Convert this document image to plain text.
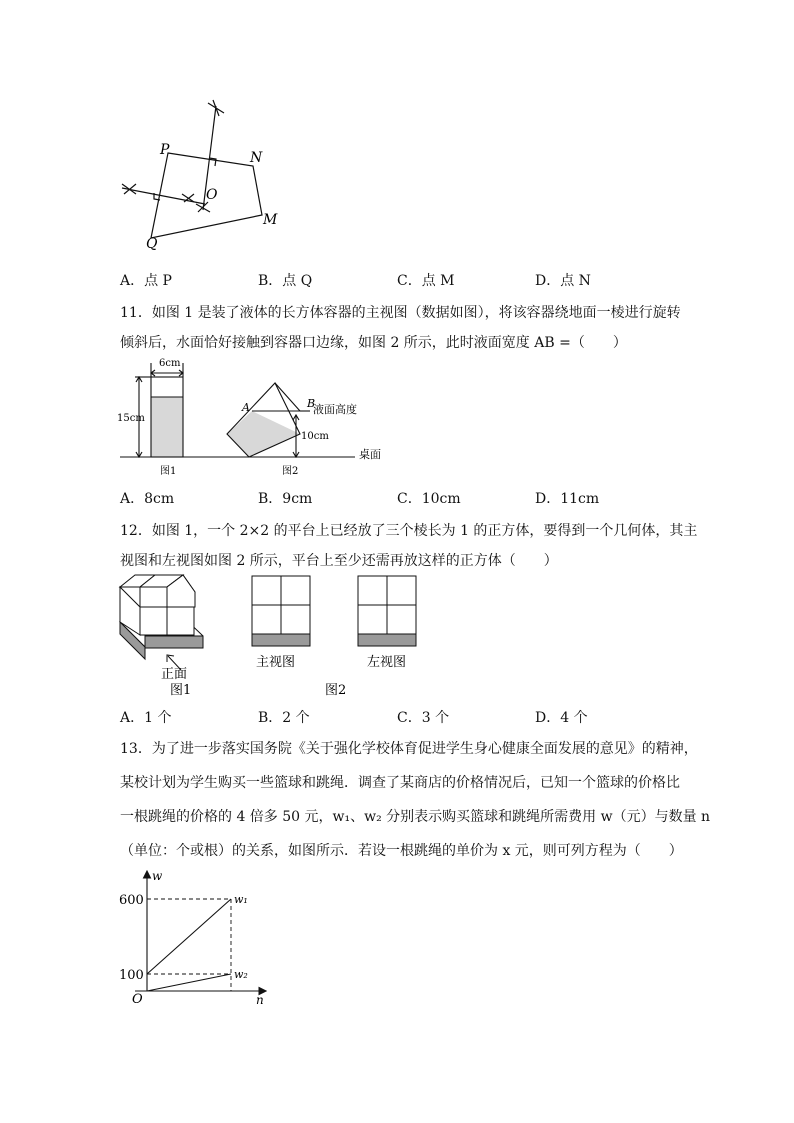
P	N
O
M
Q
A．点 P	B．点 Q	C．点 M	D．点 N
11．如图 1 是装了液体的长方体容器的主视图（数据如图），将该容器绕地面一棱进行旋转
倾斜后，水面恰好接触到容器口边缘，如图 2 所示，此时液面宽度 AB =（　　）
6cm
15cm
图1
A	B
液面高度
10cm
桌面
图2
A．8cm	B．9cm	C．10cm	D．11cm
12．如图 1，一个 2×2 的平台上已经放了三个棱长为 1 的正方体，要得到一个几何体，其主
视图和左视图如图 2 所示，平台上至少还需再放这样的正方体（　　）
正面
图1
主视图	左视图
图2
A．1 个	B．2 个	C．3 个	D．4 个
13．为了进一步落实国务院《关于强化学校体育促进学生身心健康全面发展的意见》的精神，
某校计划为学生购买一些篮球和跳绳．调查了某商店的价格情况后，已知一个篮球的价格比
一根跳绳的价格的 4 倍多 50 元，w₁、w₂ 分别表示购买篮球和跳绳所需费用 w（元）与数量 n
（单位：个或根）的关系，如图所示．若设一根跳绳的单价为 x 元，则可列方程为（　　）
w
n
O
600
100
w₁
w₂
